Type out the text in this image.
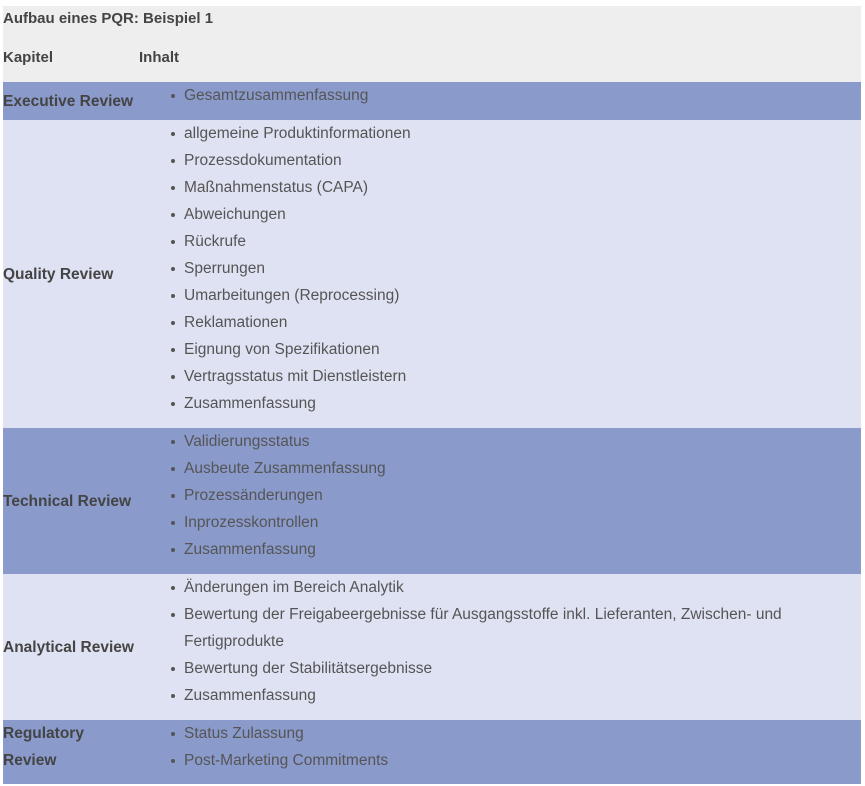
Aufbau eines PQR: Beispiel 1
Kapitel	Inhalt
Executive Review	Gesamtzusammenfassung
Quality Review
allgemeine Produktinformationen
Prozessdokumentation
Maßnahmenstatus (CAPA)
Abweichungen
Rückrufe
Sperrungen
Umarbeitungen (Reprocessing)
Reklamationen
Eignung von Spezifikationen
Vertragsstatus mit Dienstleistern
Zusammenfassung
Technical Review
Validierungsstatus
Ausbeute Zusammenfassung
Prozessänderungen
Inprozesskontrollen
Zusammenfassung
Analytical Review
Änderungen im Bereich Analytik
Bewertung der Freigabeergebnisse für Ausgangsstoffe inkl. Lieferanten, Zwischen- und Fertigprodukte
Bewertung der Stabilitätsergebnisse
Zusammenfassung
Regulatory Review
Status Zulassung
Post-Marketing Commitments
